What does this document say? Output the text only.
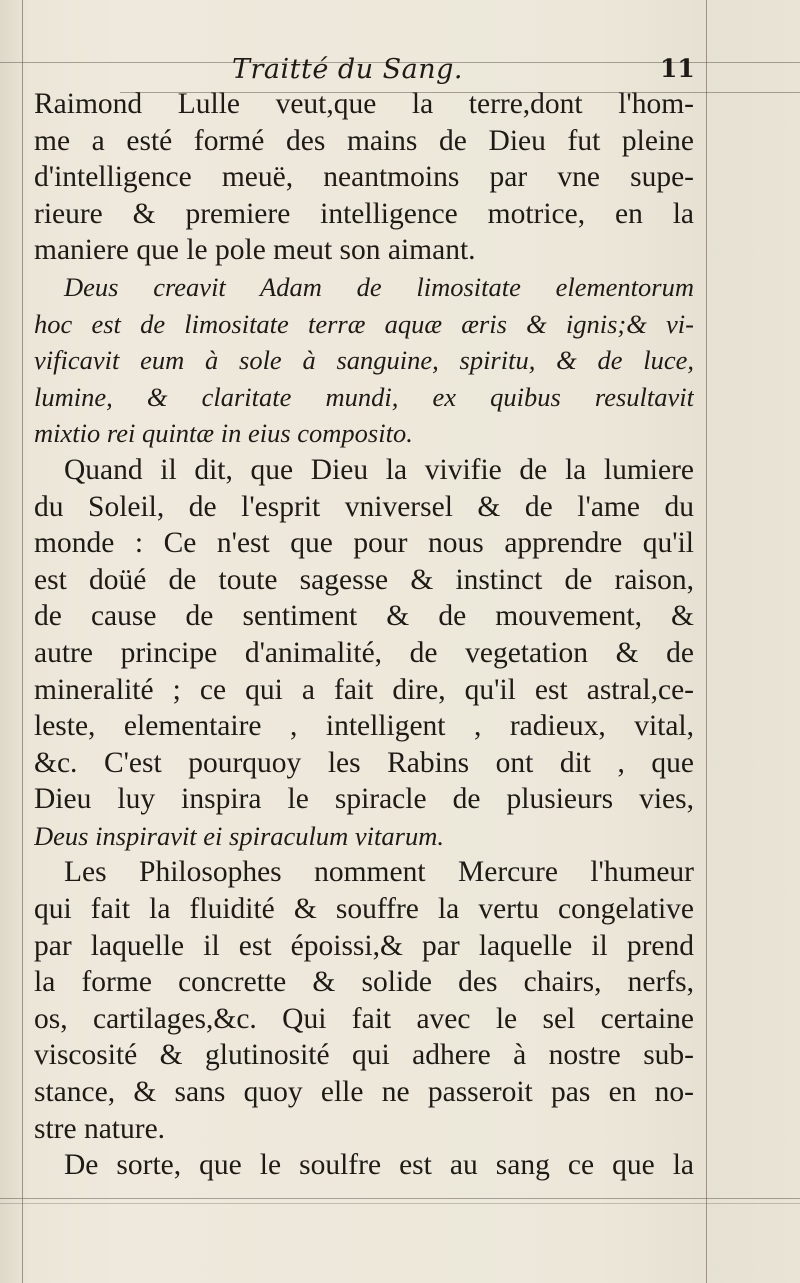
Traitté du Sang.	11
Raimond Lulle veut,que la terre,dont l'hom-
me a esté formé des mains de Dieu fut pleine
d'intelligence meuë, neantmoins par vne supe-
rieure & premiere intelligence motrice, en la
maniere que le pole meut son aimant.
Deus creavit Adam de limositate elementorum
hoc est de limositate terræ aquæ æris & ignis;& vi-
vificavit eum à sole à sanguine, spiritu, & de luce,
lumine, & claritate mundi, ex quibus resultavit
mixtio rei quintæ in eius composito.
Quand il dit, que Dieu la vivifie de la lumiere
du Soleil, de l'esprit vniversel & de l'ame du
monde : Ce n'est que pour nous apprendre qu'il
est doüé de toute sagesse & instinct de raison,
de cause de sentiment & de mouvement, &
autre principe d'animalité, de vegetation & de
mineralité ; ce qui a fait dire, qu'il est astral,ce-
leste, elementaire , intelligent , radieux, vital,
&c. C'est pourquoy les Rabins ont dit , que
Dieu luy inspira le spiracle de plusieurs vies,
Deus inspiravit ei spiraculum vitarum.
Les Philosophes nomment Mercure l'humeur
qui fait la fluidité & souffre la vertu congelative
par laquelle il est époissi,& par laquelle il prend
la forme concrette & solide des chairs, nerfs,
os, cartilages,&c. Qui fait avec le sel certaine
viscosité & glutinosité qui adhere à nostre sub-
stance, & sans quoy elle ne passeroit pas en no-
stre nature.
De sorte, que le soulfre est au sang ce que la
